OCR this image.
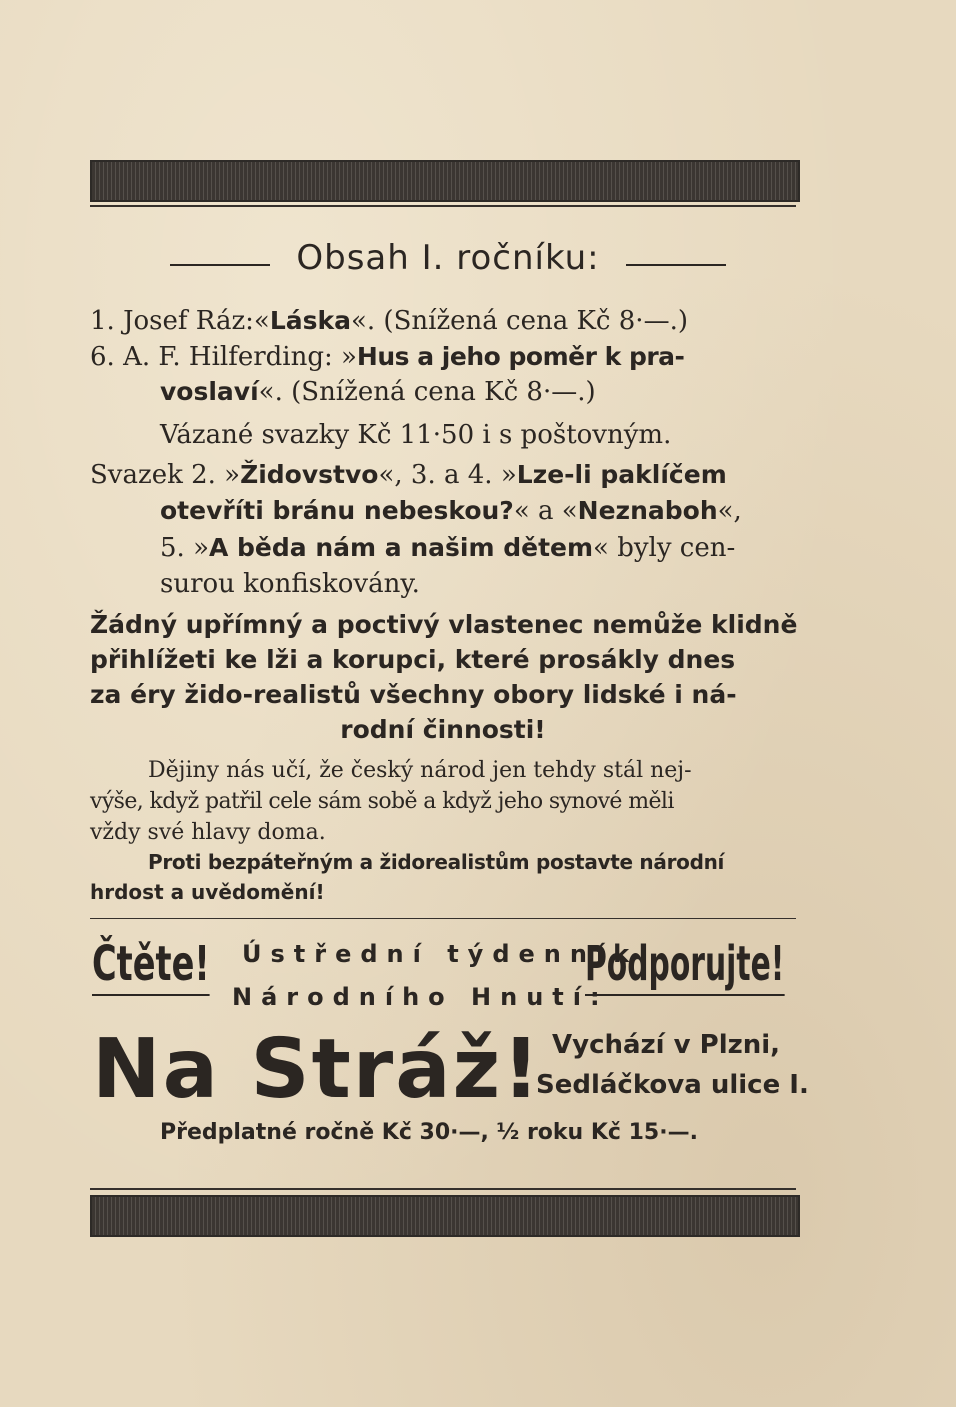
Obsah I. ročníku:
1. Josef Ráz:«Láska«. (Snížená cena Kč 8·—.)
6. A. F. Hilferding: »Hus a jeho poměr k pra-
voslaví«. (Snížená cena Kč 8·—.)
Vázané svazky Kč 11·50 i s poštovným.
Svazek 2. »Židovstvo«, 3. a 4. »Lze-li paklíčem
otevříti bránu nebeskou?« a «Neznaboh«,
5. »A běda nám a našim dětem« byly cen-
surou konfiskovány.
Žádný upřímný a poctivý vlastenec nemůže klidně
přihlížeti ke lži a korupci, které prosákly dnes
za éry žido-realistů všechny obory lidské i ná-
rodní činnosti!
Dějiny nás učí, že český národ jen tehdy stál nej-
výše, když patřil cele sám sobě a když jeho synové měli
vždy své hlavy doma.
Proti bezpáteřným a židorealistům postavte národní
hrdost a uvědomění!
Čtěte! Ústřední týdenník
Národního Hnutí:
Podporujte!
Na Stráž! Vychází v Plzni,
Sedláčkova ulice I.
Předplatné ročně Kč 30·—, ½ roku Kč 15·—.
